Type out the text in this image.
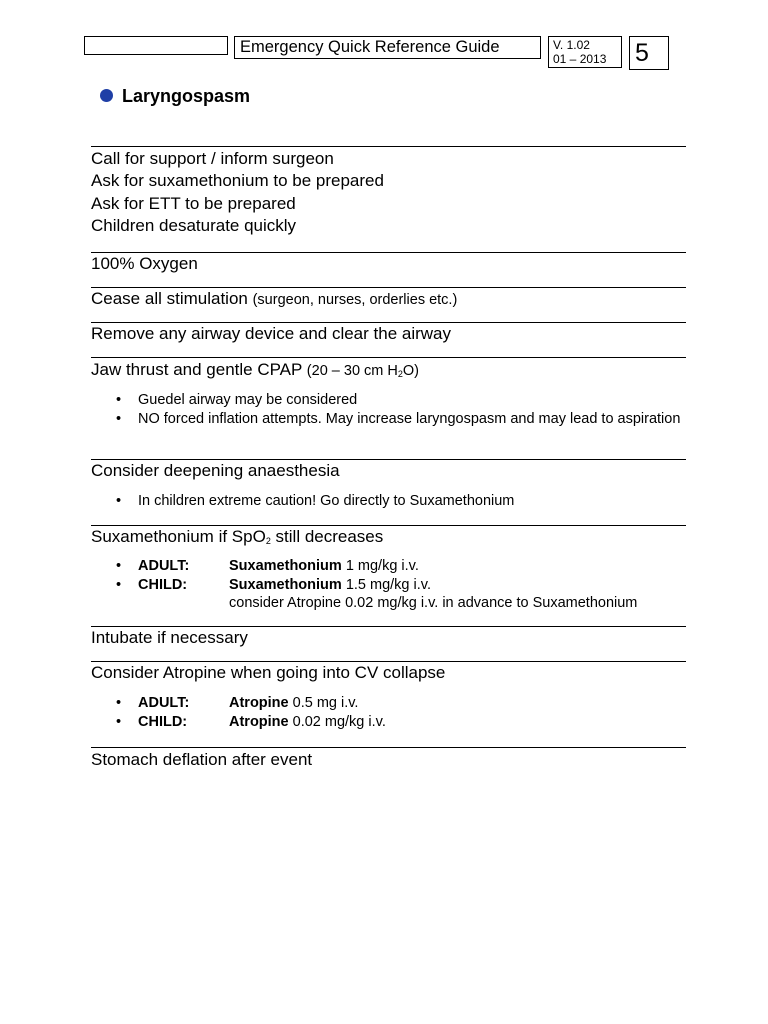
Emergency Quick Reference Guide	V. 1.02
01 – 2013	5
Laryngospasm
Call for support / inform surgeon
Ask for suxamethonium to be prepared
Ask for ETT to be prepared
Children desaturate quickly
100% Oxygen
Cease all stimulation (surgeon, nurses, orderlies etc.)
Remove any airway device and clear the airway
Jaw thrust and gentle CPAP (20 – 30 cm $H_2O$)
• Guedel airway may be considered
• NO forced inflation attempts. May increase laryngospasm and may lead to aspiration
Consider deepening anaesthesia
• In children extreme caution! Go directly to Suxamethonium
Suxamethonium if SpO$_2$ still decreases
• ADULT:	Suxamethonium 1 mg/kg i.v.
• CHILD:	Suxamethonium 1.5 mg/kg i.v.
consider Atropine 0.02 mg/kg i.v. in advance to Suxamethonium
Intubate if necessary
Consider Atropine when going into CV collapse
• ADULT:	Atropine 0.5 mg i.v.
• CHILD:	Atropine 0.02 mg/kg i.v.
Stomach deflation after event
